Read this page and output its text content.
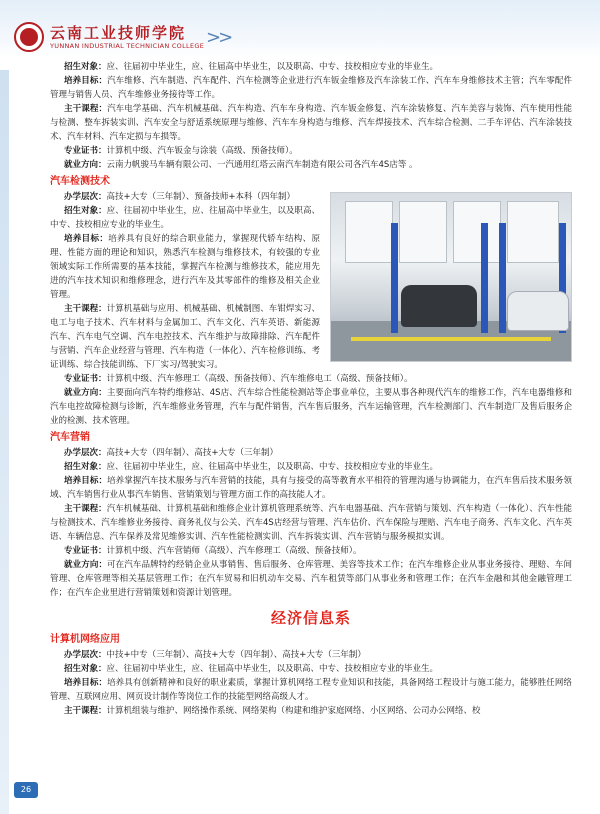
云南工业技师学院
YUNNAN INDUSTRIAL TECHNICIAN COLLEGE >>

招生对象：应、往届初中毕业生，应、往届高中毕业生，以及职高、中专、技校相应专业的毕业生。

培养目标：汽车维修、汽车制造、汽车配件、汽车检测等企业进行汽车钣金维修及汽车涂装工作、汽车车身维修技术主管；汽车零配件管理与销售人员、汽车维修业务接待等工作。

主干课程：汽车电学基础、汽车机械基础、汽车构造、汽车车身构造、汽车钣金修复、汽车涂装修复、汽车美容与装饰、汽车使用性能与检测、整车拆装实训、汽车安全与舒适系统原理与维修、汽车车身构造与维修、汽车焊接技术、汽车综合检测、二手车评估、汽车涂装技术、汽车材料、汽车定损与车损等。

专业证书：计算机中级、汽车钣金与涂装（高级、预备技师）。

就业方向：云南力帆骏马车辆有限公司、一汽通用红塔云南汽车制造有限公司各汽车4S店等 。

汽车检测技术

办学层次：高技+大专（三年制）、预备技师+本科（四年制）

招生对象：应、往届初中毕业生，应、往届高中毕业生，以及职高、中专、技校相应专业的毕业生。

培养目标：培养具有良好的综合职业能力，掌握现代轿车结构、原理、性能方面的理论和知识，熟悉汽车检测与维修技术，有较强的专业领域实际工作所需要的基本技能，掌握汽车检测与维修技术，能应用先进的汽车技术知识和维修理念，进行汽车及其零部件的维修及相关企业管理。

主干课程：计算机基础与应用、机械基础、机械制图、车钳焊实习、电工与电子技术、汽车材料与金属加工、汽车文化、汽车英语、新能源汽车、汽车电气空调、汽车电控技术、汽车维护与故障排除、汽车配件与营销、汽车企业经营与管理、汽车构造（一体化）、汽车检修训练、考证训练、综合技能训练、下厂实习/驾驶实习。

专业证书：计算机中级、汽车修理工（高级、预备技师）、汽车维修电工（高级、预备技师）。

就业方向：主要面向汽车特约维修站、4S店、汽车综合性能检测站等企事业单位，主要从事各种现代汽车的维修工作，汽车电器维修和汽车电控故障检测与诊断，汽车维修业务管理，汽车与配件销售，汽车售后服务，汽车运输管理，汽车检测部门、汽车制造厂及售后服务企业的检测、技术管理。

汽车营销

办学层次：高技+大专（四年制）、高技+大专（三年制）

招生对象：应、往届初中毕业生，应、往届高中毕业生，以及职高、中专、技校相应专业的毕业生。

培养目标：培养掌握汽车技术服务与汽车营销的技能，具有与接受的高等教育水平相符的管理沟通与协调能力，在汽车售后技术服务领域、汽车销售行业从事汽车销售、营销策划与管理方面工作的高技能人才。

主干课程：汽车机械基础、计算机基础和维修企业计算机管理系统等、汽车电器基础、汽车营销与策划、汽车构造（一体化）、汽车性能与检测技术、汽车维修业务接待、商务礼仪与公关、汽车4S店经营与管理、汽车估价、汽车保险与理赔、汽车电子商务、汽车文化、汽车英语、车辆信息、汽车保养及常见维修实训、汽车性能检测实训、汽车拆装实训、汽车营销与服务模拟实训。

专业证书：计算机中级、汽车营销师（高级）、汽车修理工（高级、预备技师）。

就业方向：可在汽车品牌特约经销企业从事销售、售后服务、仓库管理、美容等技术工作；在汽车维修企业从事业务接待、理赔、车间管理、仓库管理等相关基层管理工作；在汽车贸易和旧机动车交易、汽车租赁等部门从事业务和管理工作；在汽车金融和其他金融管理工作；在汽车企业里进行营销策划和资源计划管理。

经济信息系
计算机网络应用

办学层次：中技+中专（三年制）、高技+大专（四年制）、高技+大专（三年制）

招生对象：应、往届初中毕业生，应、往届高中毕业生，以及职高、中专、技校相应专业的毕业生。

培养目标：培养具有创新精神和良好的职业素质，掌握计算机网络工程专业知识和技能，具备网络工程设计与施工能力，能够胜任网络管理、互联网应用、网页设计制作等岗位工作的技能型网络高级人才。

主干课程：计算机组装与维护、网络操作系统、网络架构（构建和维护家庭网络、小区网络、公司办公网络、校

26
